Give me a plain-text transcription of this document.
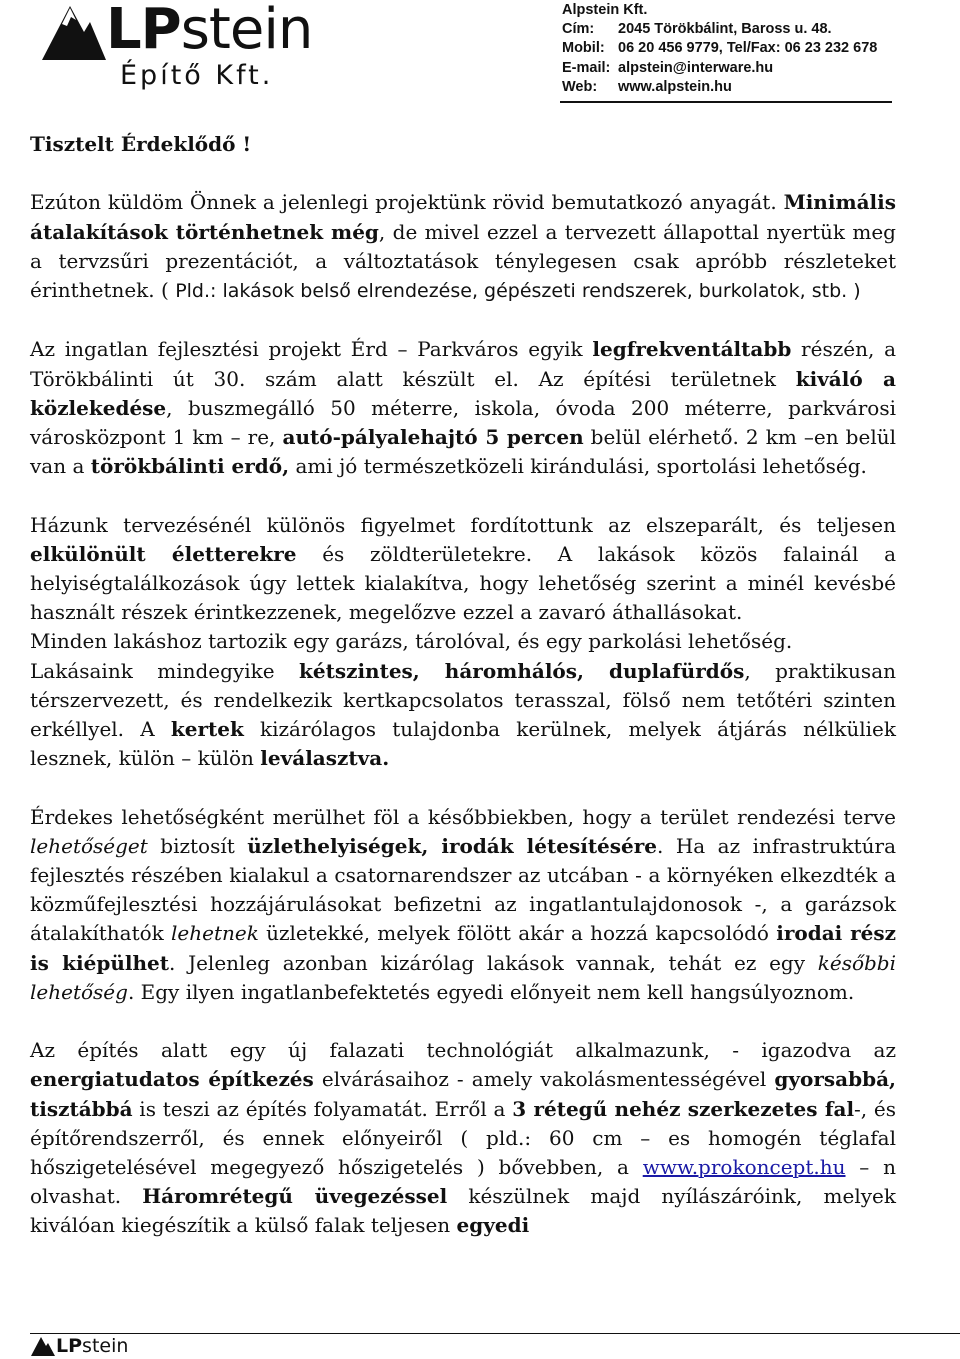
LPstein
Építő Kft.
Alpstein Kft.
Cím: 2045 Törökbálint, Baross u. 48.
Mobil: 06 20 456 9779, Tel/Fax: 06 23 232 678
E-mail: alpstein@interware.hu
Web: www.alpstein.hu

Tisztelt Érdeklődő !

Ezúton küldöm Önnek a jelenlegi projektünk rövid bemutatkozó anyagát. Minimális átalakítások történhetnek még, de mivel ezzel a tervezett állapottal nyertük meg a tervzsűri prezentációt, a változtatások ténylegesen csak apróbb részleteket érinthetnek. ( Pld.: lakások belső elrendezése, gépészeti rendszerek, burkolatok, stb. )

Az ingatlan fejlesztési projekt Érd – Parkváros egyik legfrekventáltabb részén, a Törökbálinti út 30. szám alatt készült el. Az építési területnek kiváló a közlekedése, buszmegálló 50 méterre, iskola, óvoda 200 méterre, parkvárosi városközpont 1 km – re, autó-pályalehajtó 5 percen belül elérhető. 2 km –en belül van a törökbálinti erdő, ami jó természetközeli kirándulási, sportolási lehetőség.

Házunk tervezésénél különös figyelmet fordítottunk az elszeparált, és teljesen elkülönült életterekre és zöldterületekre. A lakások közös falainál a helyiségtalálkozások úgy lettek kialakítva, hogy lehetőség szerint a minél kevésbé használt részek érintkezzenek, megelőzve ezzel a zavaró áthallásokat.

Minden lakáshoz tartozik egy garázs, tárolóval, és egy parkolási lehetőség.

Lakásaink mindegyike kétszintes, háromhálós, duplafürdős, praktikusan térszervezett, és rendelkezik kertkapcsolatos terasszal, fölső nem tetőtéri szinten erkéllyel. A kertek kizárólagos tulajdonba kerülnek, melyek átjárás nélküliek lesznek, külön – külön leválasztva.

Érdekes lehetőségként merülhet föl a későbbiekben, hogy a terület rendezési terve lehetőséget biztosít üzlethelyiségek, irodák létesítésére. Ha az infrastruktúra fejlesztés részében kialakul a csatornarendszer az utcában - a környéken elkezdték a közműfejlesztési hozzájárulásokat befizetni az ingatlantulajdonosok -, a garázsok átalakíthatók lehetnek üzletekké, melyek fölött akár a hozzá kapcsolódó irodai rész is kiépülhet. Jelenleg azonban kizárólag lakások vannak, tehát ez egy későbbi lehetőség. Egy ilyen ingatlanbefektetés egyedi előnyeit nem kell hangsúlyoznom.

Az építés alatt egy új falazati technológiát alkalmazunk, - igazodva az energiatudatos építkezés elvárásaihoz - amely vakolásmentességével gyorsabbá, tisztábbá is teszi az építés folyamatát. Erről a 3 rétegű nehéz szerkezetes fal-, és építőrendszerről, és ennek előnyeiről ( pld.: 60 cm – es homogén téglafal hőszigetelésével megegyező hőszigetelés ) bővebben, a www.prokoncept.hu – n olvashat. Háromrétegű üvegezéssel készülnek majd nyílászáróink, melyek kiválóan kiegészítik a külső falak teljesen egyedi

LPstein
